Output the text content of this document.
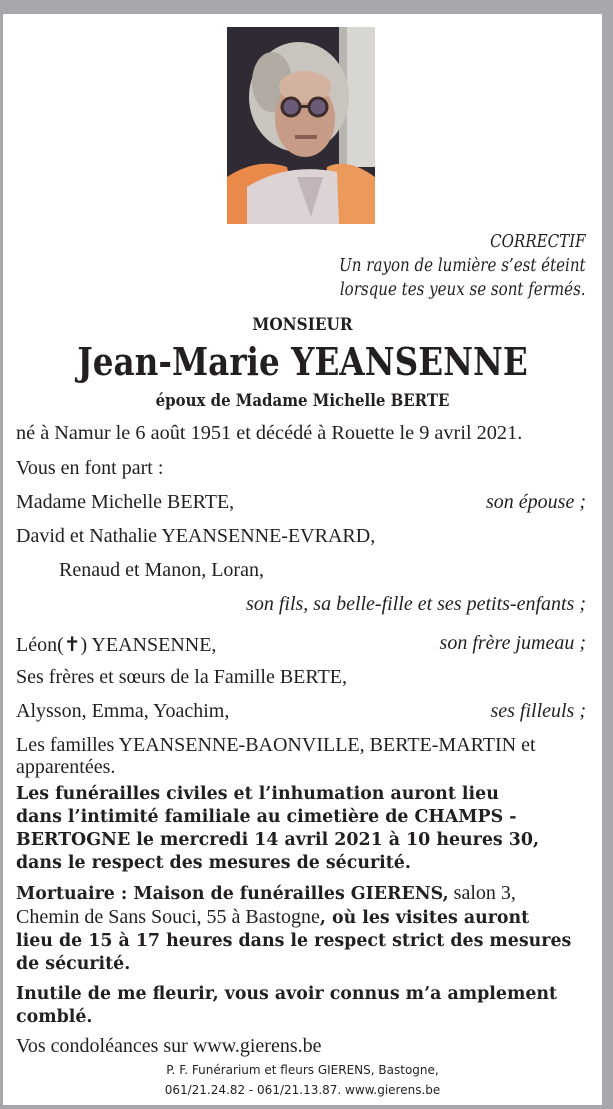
CORRECTIF
Un rayon de lumière s’est éteint
lorsque tes yeux se sont fermés.
MONSIEUR
Jean-Marie YEANSENNE
époux de Madame Michelle BERTE
né à Namur le 6 août 1951 et décédé à Rouette le 9 avril 2021.
Vous en font part :
Madame Michelle BERTE,	son épouse ;
David et Nathalie YEANSENNE-EVRARD,
Renaud et Manon, Loran,
son fils, sa belle-fille et ses petits-enfants ;
Léon(✝) YEANSENNE,	son frère jumeau ;
Ses frères et sœurs de la Famille BERTE,
Alysson, Emma, Yoachim,	ses filleuls ;
Les familles YEANSENNE-BAONVILLE, BERTE-MARTIN et
apparentées.
Les funérailles civiles et l’inhumation auront lieu
dans l’intimité familiale au cimetière de CHAMPS -
BERTOGNE le mercredi 14 avril 2021 à 10 heures 30,
dans le respect des mesures de sécurité.
Mortuaire : Maison de funérailles GIERENS, salon 3,
Chemin de Sans Souci, 55 à Bastogne, où les visites auront
lieu de 15 à 17 heures dans le respect strict des mesures
de sécurité.
Inutile de me fleurir, vous avoir connus m’a amplement
comblé.
Vos condoléances sur www.gierens.be
P. F. Funérarium et fleurs GIERENS, Bastogne,
061/21.24.82 - 061/21.13.87. www.gierens.be
